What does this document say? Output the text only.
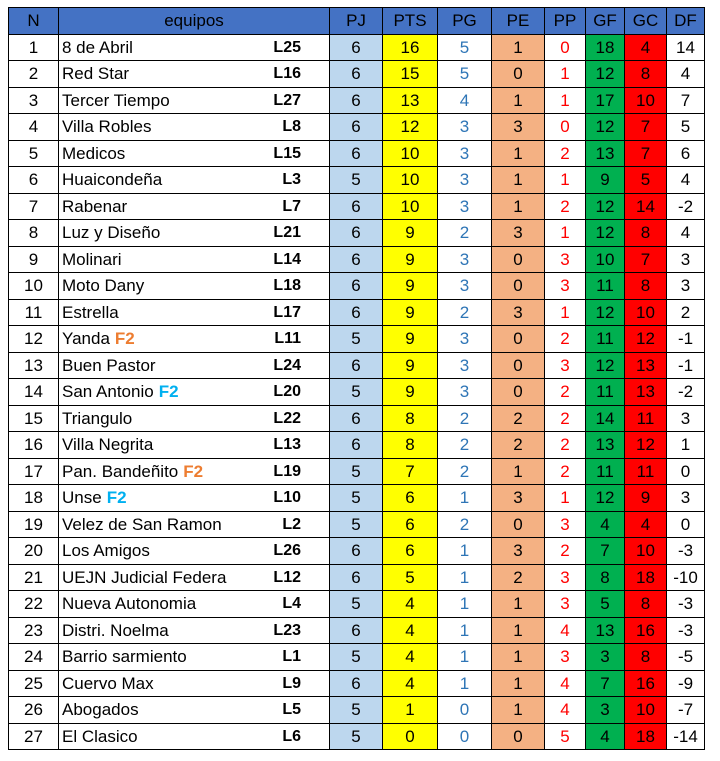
N	equipos		PJ	PTS	PG	PE	PP	GF	GC	DF
1	8 de Abril	L25	6	16	5	1	0	18	4	14
2	Red Star	L16	6	15	5	0	1	12	8	4
3	Tercer Tiempo	L27	6	13	4	1	1	17	10	7
4	Villa Robles	L8	6	12	3	3	0	12	7	5
5	Medicos	L15	6	10	3	1	2	13	7	6
6	Huaicondeña	L3	5	10	3	1	1	9	5	4
7	Rabenar	L7	6	10	3	1	2	12	14	-2
8	Luz y Diseño	L21	6	9	2	3	1	12	8	4
9	Molinari	L14	6	9	3	0	3	10	7	3
10	Moto Dany	L18	6	9	3	0	3	11	8	3
11	Estrella	L17	6	9	2	3	1	12	10	2
12	Yanda F2	L11	5	9	3	0	2	11	12	-1
13	Buen Pastor	L24	6	9	3	0	3	12	13	-1
14	San Antonio F2	L20	5	9	3	0	2	11	13	-2
15	Triangulo	L22	6	8	2	2	2	14	11	3
16	Villa Negrita	L13	6	8	2	2	2	13	12	1
17	Pan. Bandeñito F2	L19	5	7	2	1	2	11	11	0
18	Unse F2	L10	5	6	1	3	1	12	9	3
19	Velez de San Ramon	L2	5	6	2	0	3	4	4	0
20	Los Amigos	L26	6	6	1	3	2	7	10	-3
21	UEJN Judicial Federa	L12	6	5	1	2	3	8	18	-10
22	Nueva Autonomia	L4	5	4	1	1	3	5	8	-3
23	Distri. Noelma	L23	6	4	1	1	4	13	16	-3
24	Barrio sarmiento	L1	5	4	1	1	3	3	8	-5
25	Cuervo Max	L9	6	4	1	1	4	7	16	-9
26	Abogados	L5	5	1	0	1	4	3	10	-7
27	El Clasico	L6	5	0	0	0	5	4	18	-14
